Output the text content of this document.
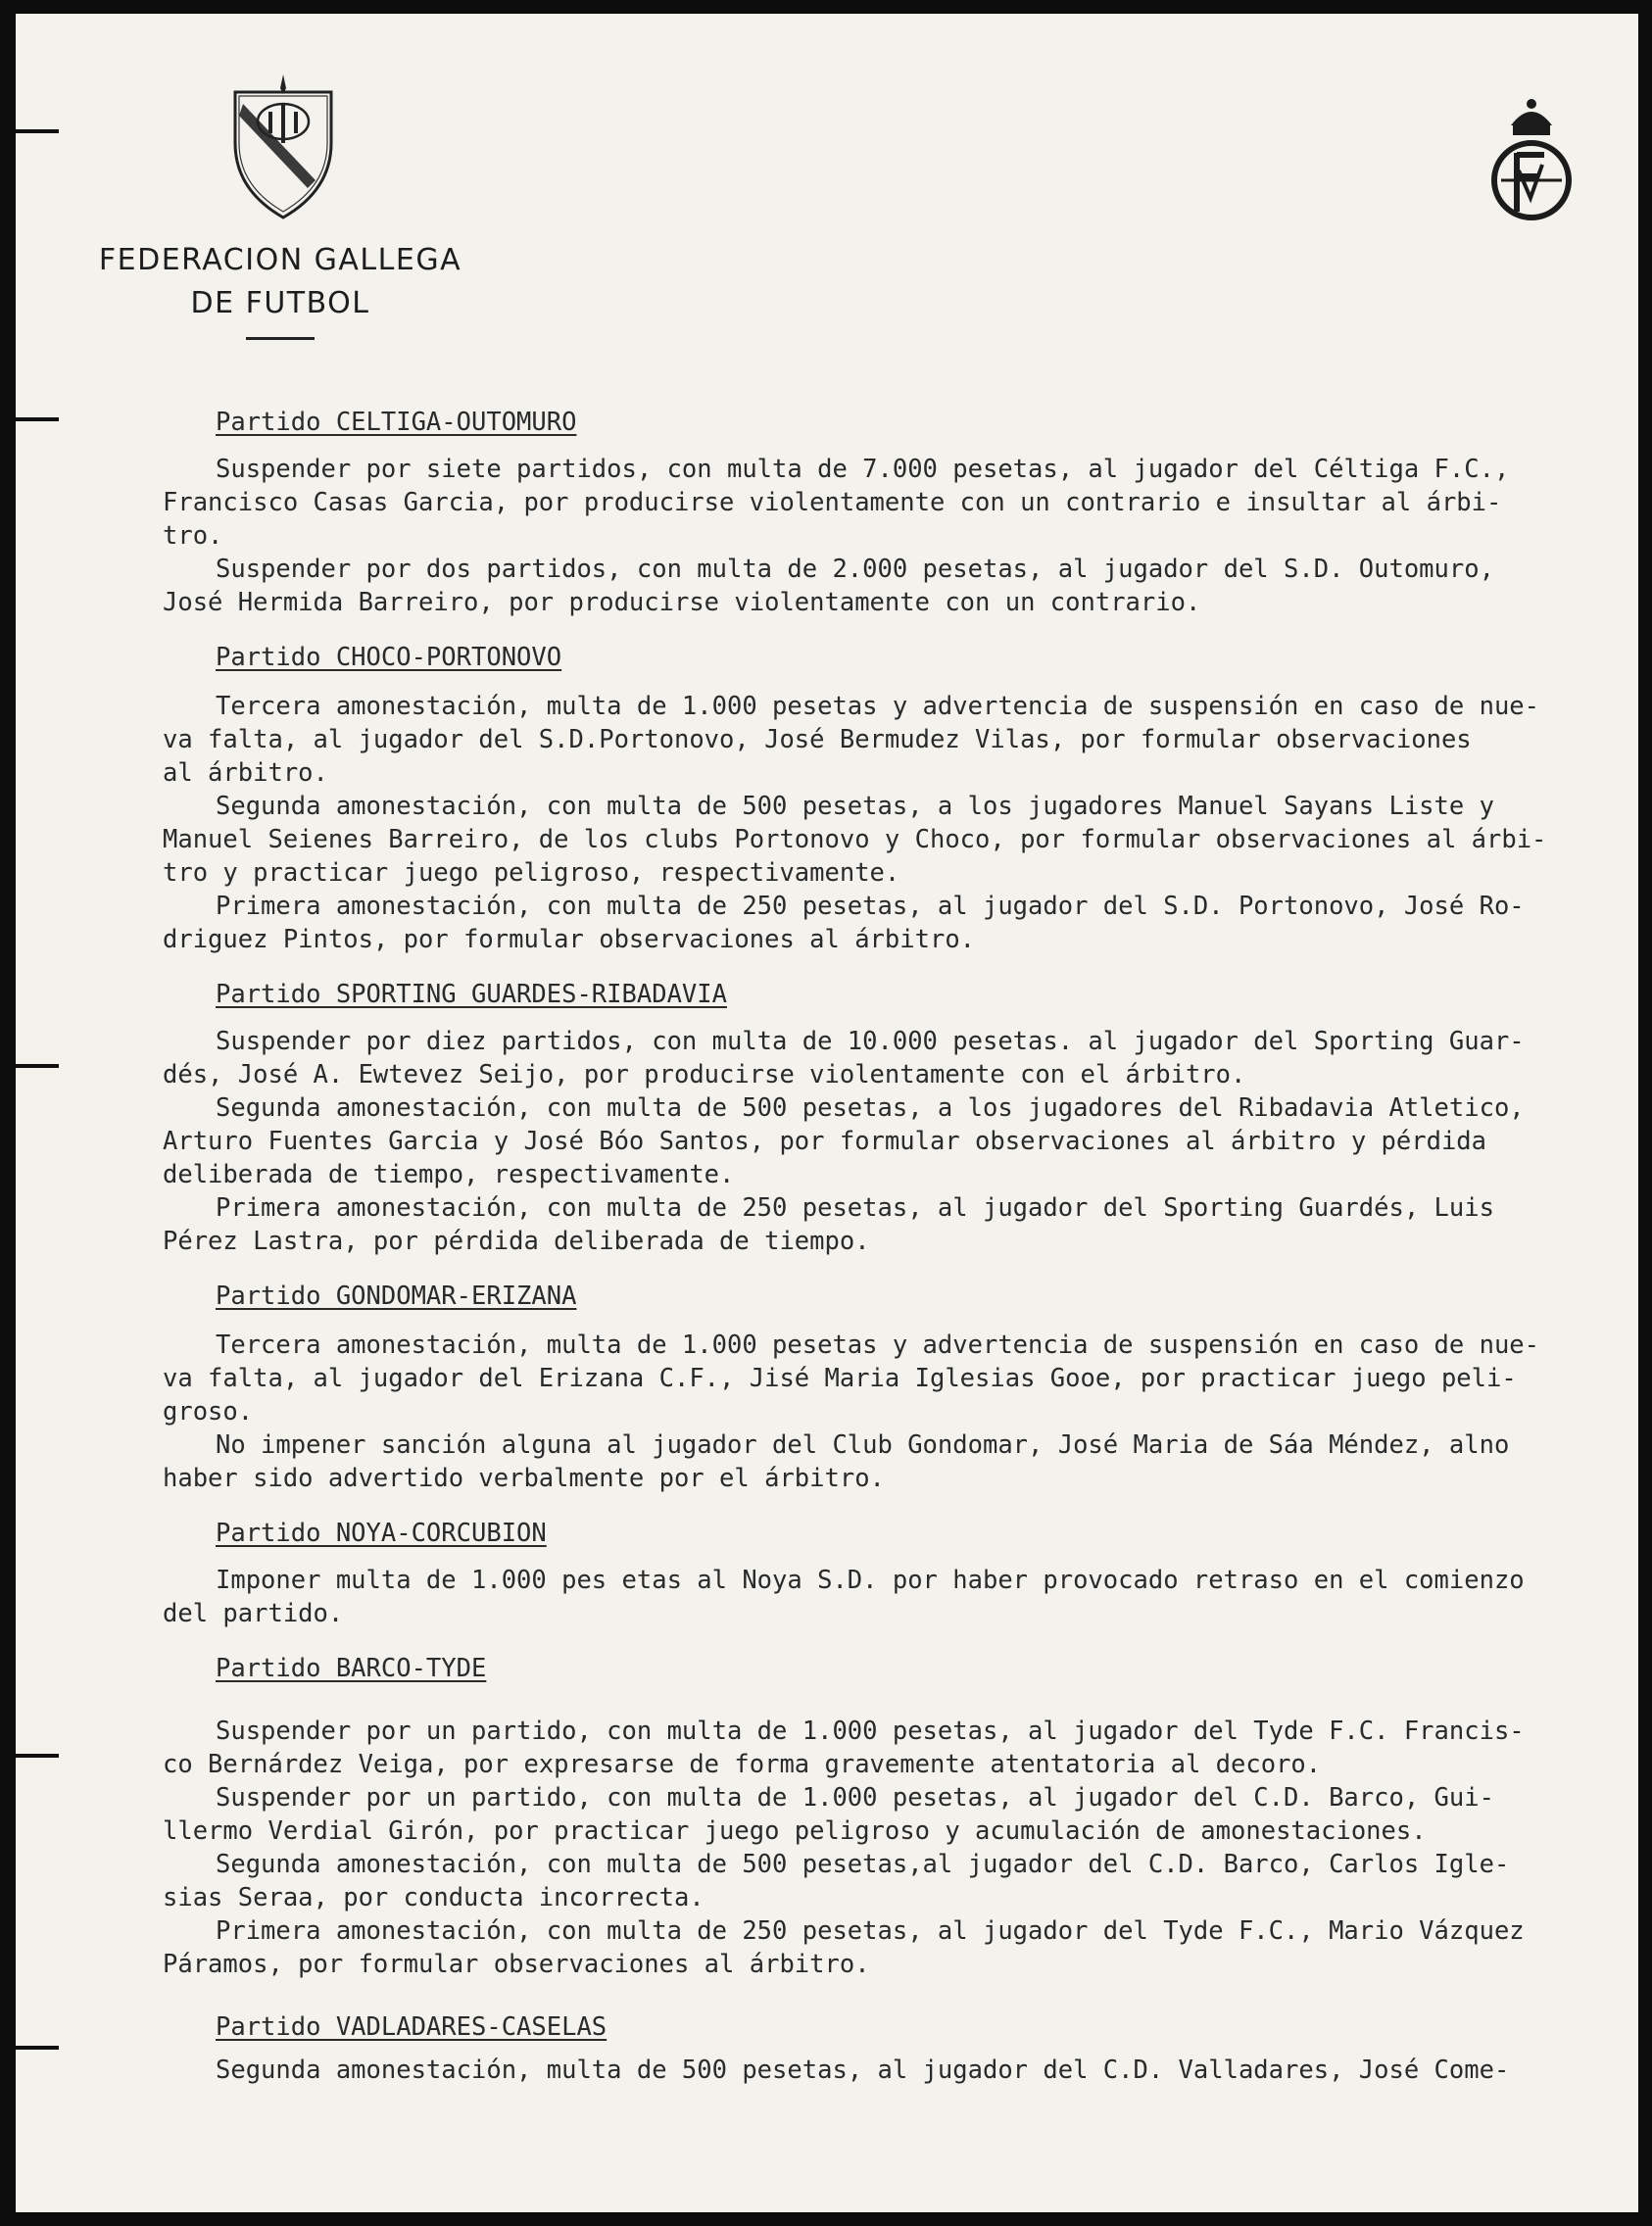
FEDERACION GALLEGA
DE FUTBOL
Partido CELTIGA-OUTOMURO

Suspender por siete partidos, con multa de 7.000 pesetas, al jugador del Céltiga F.C.,
Francisco Casas Garcia, por producirse violentamente con un contrario e insultar al árbi-
tro.

Suspender por dos partidos, con multa de 2.000 pesetas, al jugador del S.D. Outomuro,
José Hermida Barreiro, por producirse violentamente con un contrario.

Partido CHOCO-PORTONOVO

Tercera amonestación, multa de 1.000 pesetas y advertencia de suspensión en caso de nue-
va falta, al jugador del S.D.Portonovo, José Bermudez Vilas, por formular observaciones
al árbitro.

Segunda amonestación, con multa de 500 pesetas, a los jugadores Manuel Sayans Liste y
Manuel Seienes Barreiro, de los clubs Portonovo y Choco, por formular observaciones al árbi-
tro y practicar juego peligroso, respectivamente.

Primera amonestación, con multa de 250 pesetas, al jugador del S.D. Portonovo, José Ro-
driguez Pintos, por formular observaciones al árbitro.

Partido SPORTING GUARDES-RIBADAVIA

Suspender por diez partidos, con multa de 10.000 pesetas. al jugador del Sporting Guar-
dés, José A. Ewtevez Seijo, por producirse violentamente con el árbitro.

Segunda amonestación, con multa de 500 pesetas, a los jugadores del Ribadavia Atletico,
Arturo Fuentes Garcia y José Bóo Santos, por formular observaciones al árbitro y pérdida
deliberada de tiempo, respectivamente.

Primera amonestación, con multa de 250 pesetas, al jugador del Sporting Guardés, Luis
Pérez Lastra, por pérdida deliberada de tiempo.

Partido GONDOMAR-ERIZANA

Tercera amonestación, multa de 1.000 pesetas y advertencia de suspensión en caso de nue-
va falta, al jugador del Erizana C.F., Jisé Maria Iglesias Gooe, por practicar juego peli-
groso.

No impener sanción alguna al jugador del Club Gondomar, José Maria de Sáa Méndez, alno
haber sido advertido verbalmente por el árbitro.

Partido NOYA-CORCUBION

Imponer multa de 1.000 pes etas al Noya S.D. por haber provocado retraso en el comienzo
del partido.

Partido BARCO-TYDE

Suspender por un partido, con multa de 1.000 pesetas, al jugador del Tyde F.C. Francis-
co Bernárdez Veiga, por expresarse de forma gravemente atentatoria al decoro.

Suspender por un partido, con multa de 1.000 pesetas, al jugador del C.D. Barco, Gui-
llermo Verdial Girón, por practicar juego peligroso y acumulación de amonestaciones.

Segunda amonestación, con multa de 500 pesetas,al jugador del C.D. Barco, Carlos Igle-
sias Seraa, por conducta incorrecta.

Primera amonestación, con multa de 250 pesetas, al jugador del Tyde F.C., Mario Vázquez
Páramos, por formular observaciones al árbitro.

Partido VADLADARES-CASELAS

Segunda amonestación, multa de 500 pesetas, al jugador del C.D. Valladares, José Come-
